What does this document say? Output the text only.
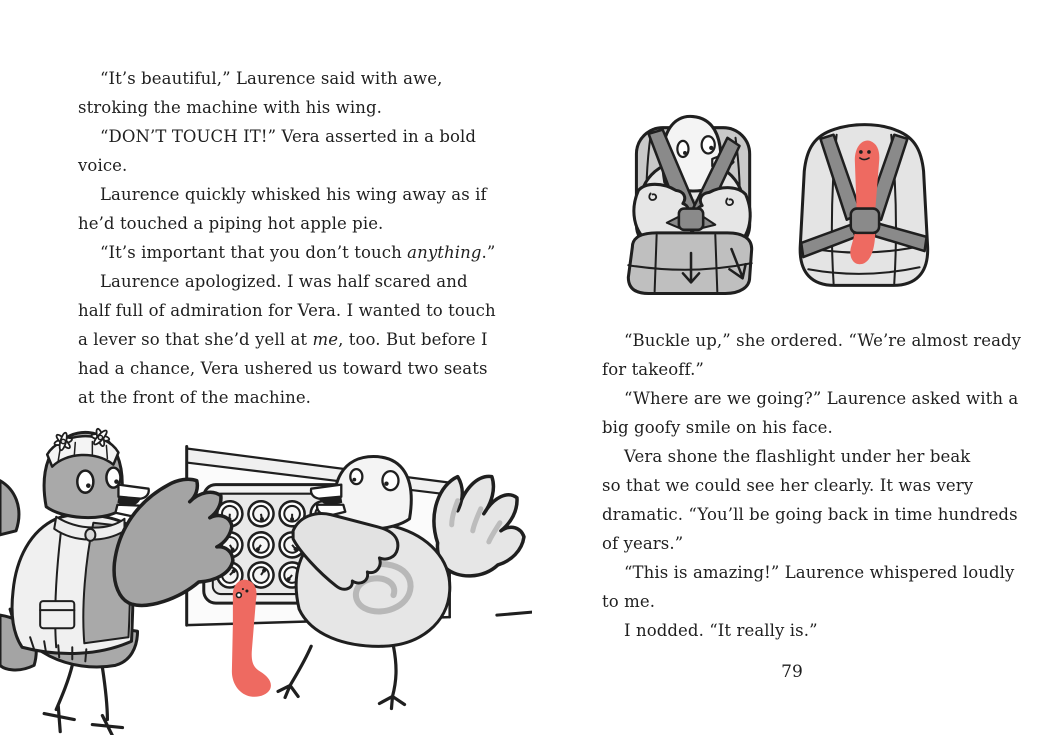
“It’s beautiful,” Laurence said with awe,
stroking the machine with his wing.
“DON’T TOUCH IT!” Vera asserted in a bold
voice.
Laurence quickly whisked his wing away as if
he’d touched a piping hot apple pie.
“It’s important that you don’t touch anything.”
Laurence apologized. I was half scared and
half full of admiration for Vera. I wanted to touch
a lever so that she’d yell at me, too. But before I
had a chance, Vera ushered us toward two seats
at the front of the machine.
“Buckle up,” she ordered. “We’re almost ready
for takeoff.”
“Where are we going?” Laurence asked with a
big goofy smile on his face.
Vera shone the flashlight under her beak
so that we could see her clearly. It was very
dramatic. “You’ll be going back in time hundreds
of years.”
“This is amazing!” Laurence whispered loudly
to me.
I nodded. “It really is.”
79
